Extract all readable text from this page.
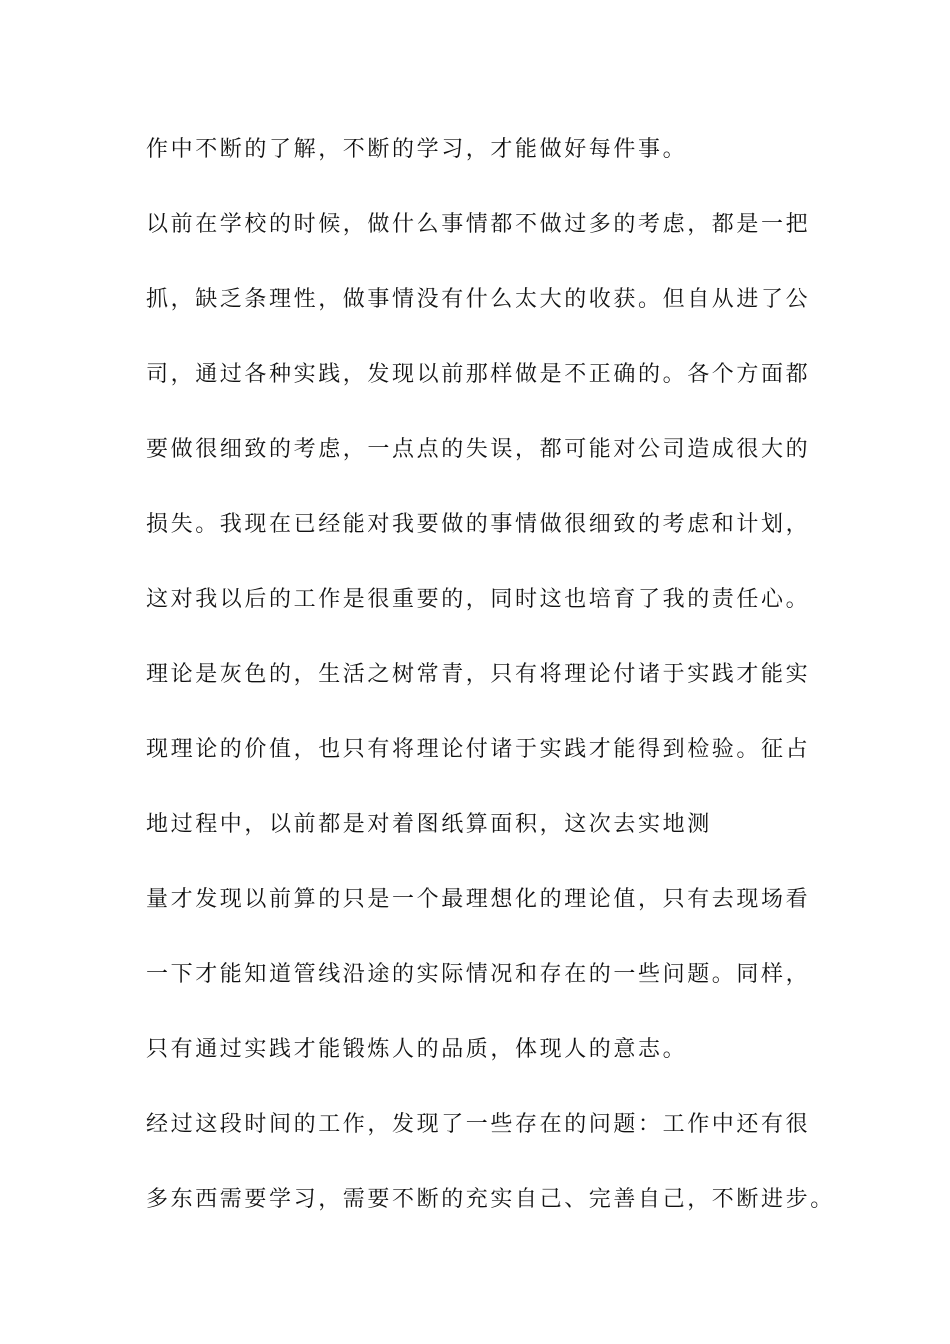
作中不断的了解，不断的学习，才能做好每件事。

以前在学校的时候，做什么事情都不做过多的考虑，都是一把

抓，缺乏条理性，做事情没有什么太大的收获。但自从进了公

司，通过各种实践，发现以前那样做是不正确的。各个方面都

要做很细致的考虑，一点点的失误，都可能对公司造成很大的

损失。我现在已经能对我要做的事情做很细致的考虑和计划，

这对我以后的工作是很重要的，同时这也培育了我的责任心。

理论是灰色的，生活之树常青，只有将理论付诸于实践才能实

现理论的价值，也只有将理论付诸于实践才能得到检验。征占

地过程中，以前都是对着图纸算面积，这次去实地测

量才发现以前算的只是一个最理想化的理论值，只有去现场看

一下才能知道管线沿途的实际情况和存在的一些问题。同样，

只有通过实践才能锻炼人的品质，体现人的意志。

经过这段时间的工作，发现了一些存在的问题：工作中还有很

多东西需要学习，需要不断的充实自己、完善自己，不断进步。
